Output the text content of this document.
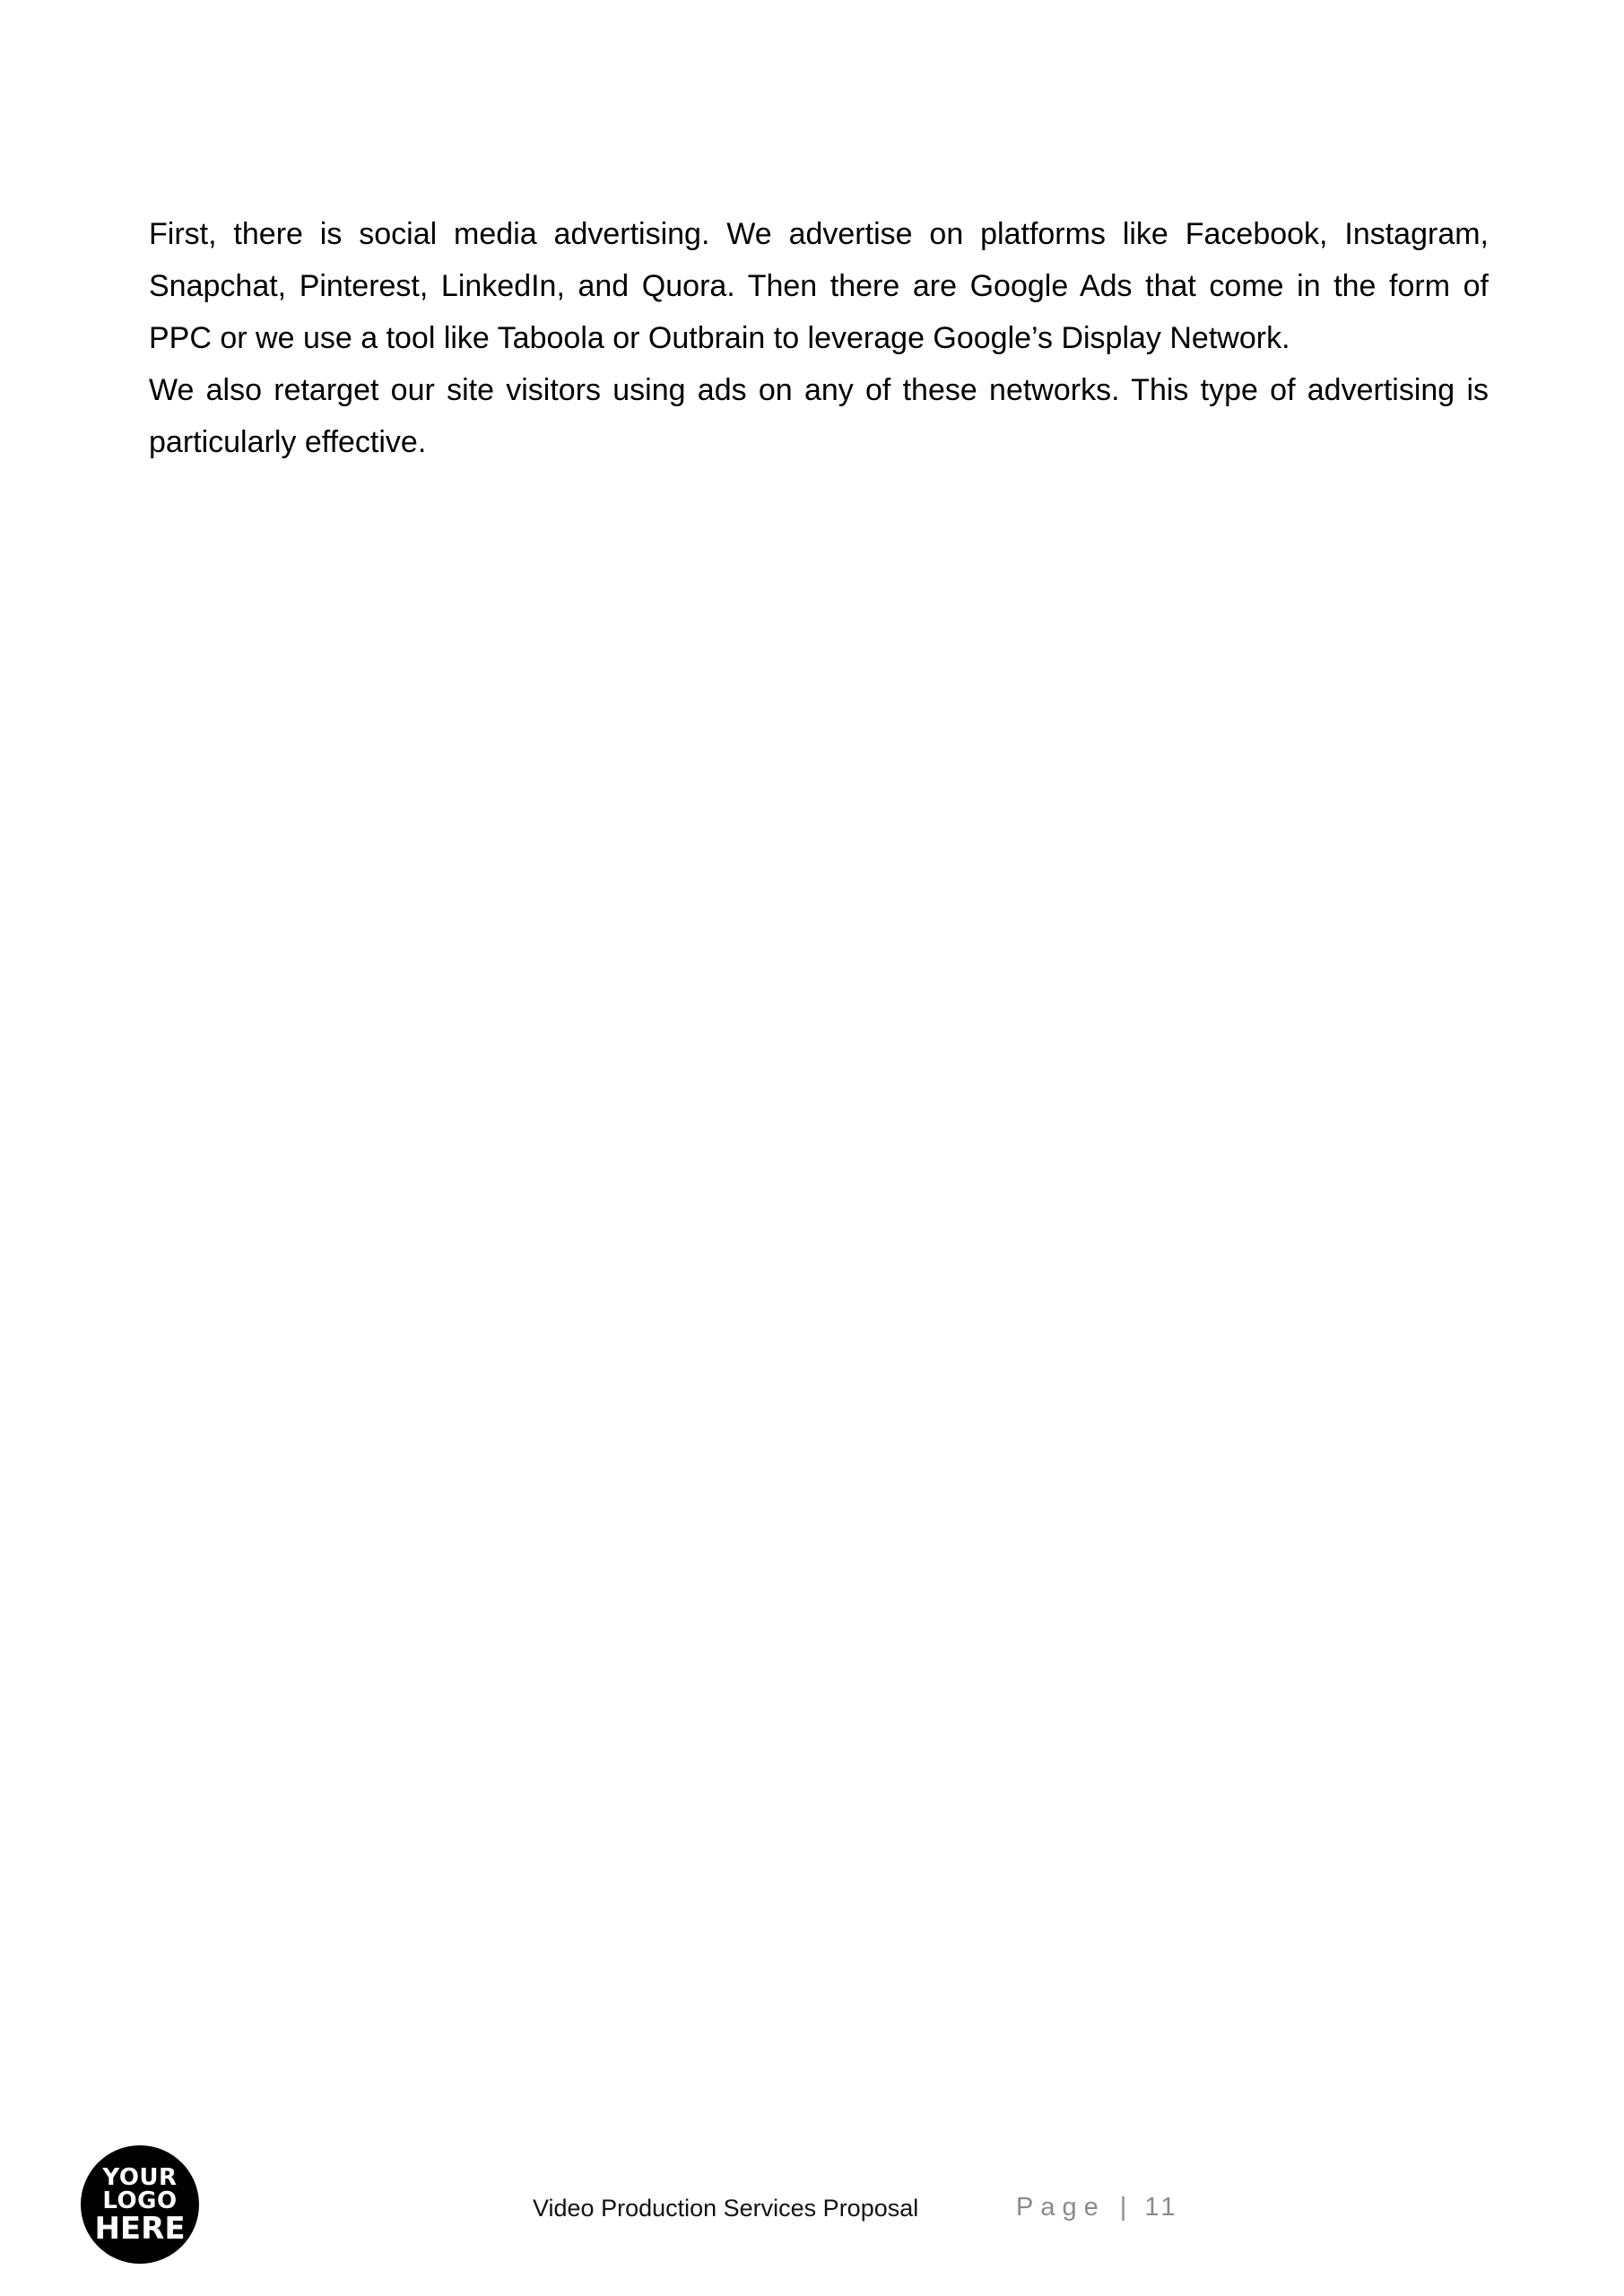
First, there is social media advertising. We advertise on platforms like Facebook, Instagram, Snapchat, Pinterest, LinkedIn, and Quora. Then there are Google Ads that come in the form of PPC or we use a tool like Taboola or Outbrain to leverage Google’s Display Network.

We also retarget our site visitors using ads on any of these networks. This type of advertising is particularly effective.

YOUR
LOGO
HERE
Video Production Services Proposal	Page | 11
